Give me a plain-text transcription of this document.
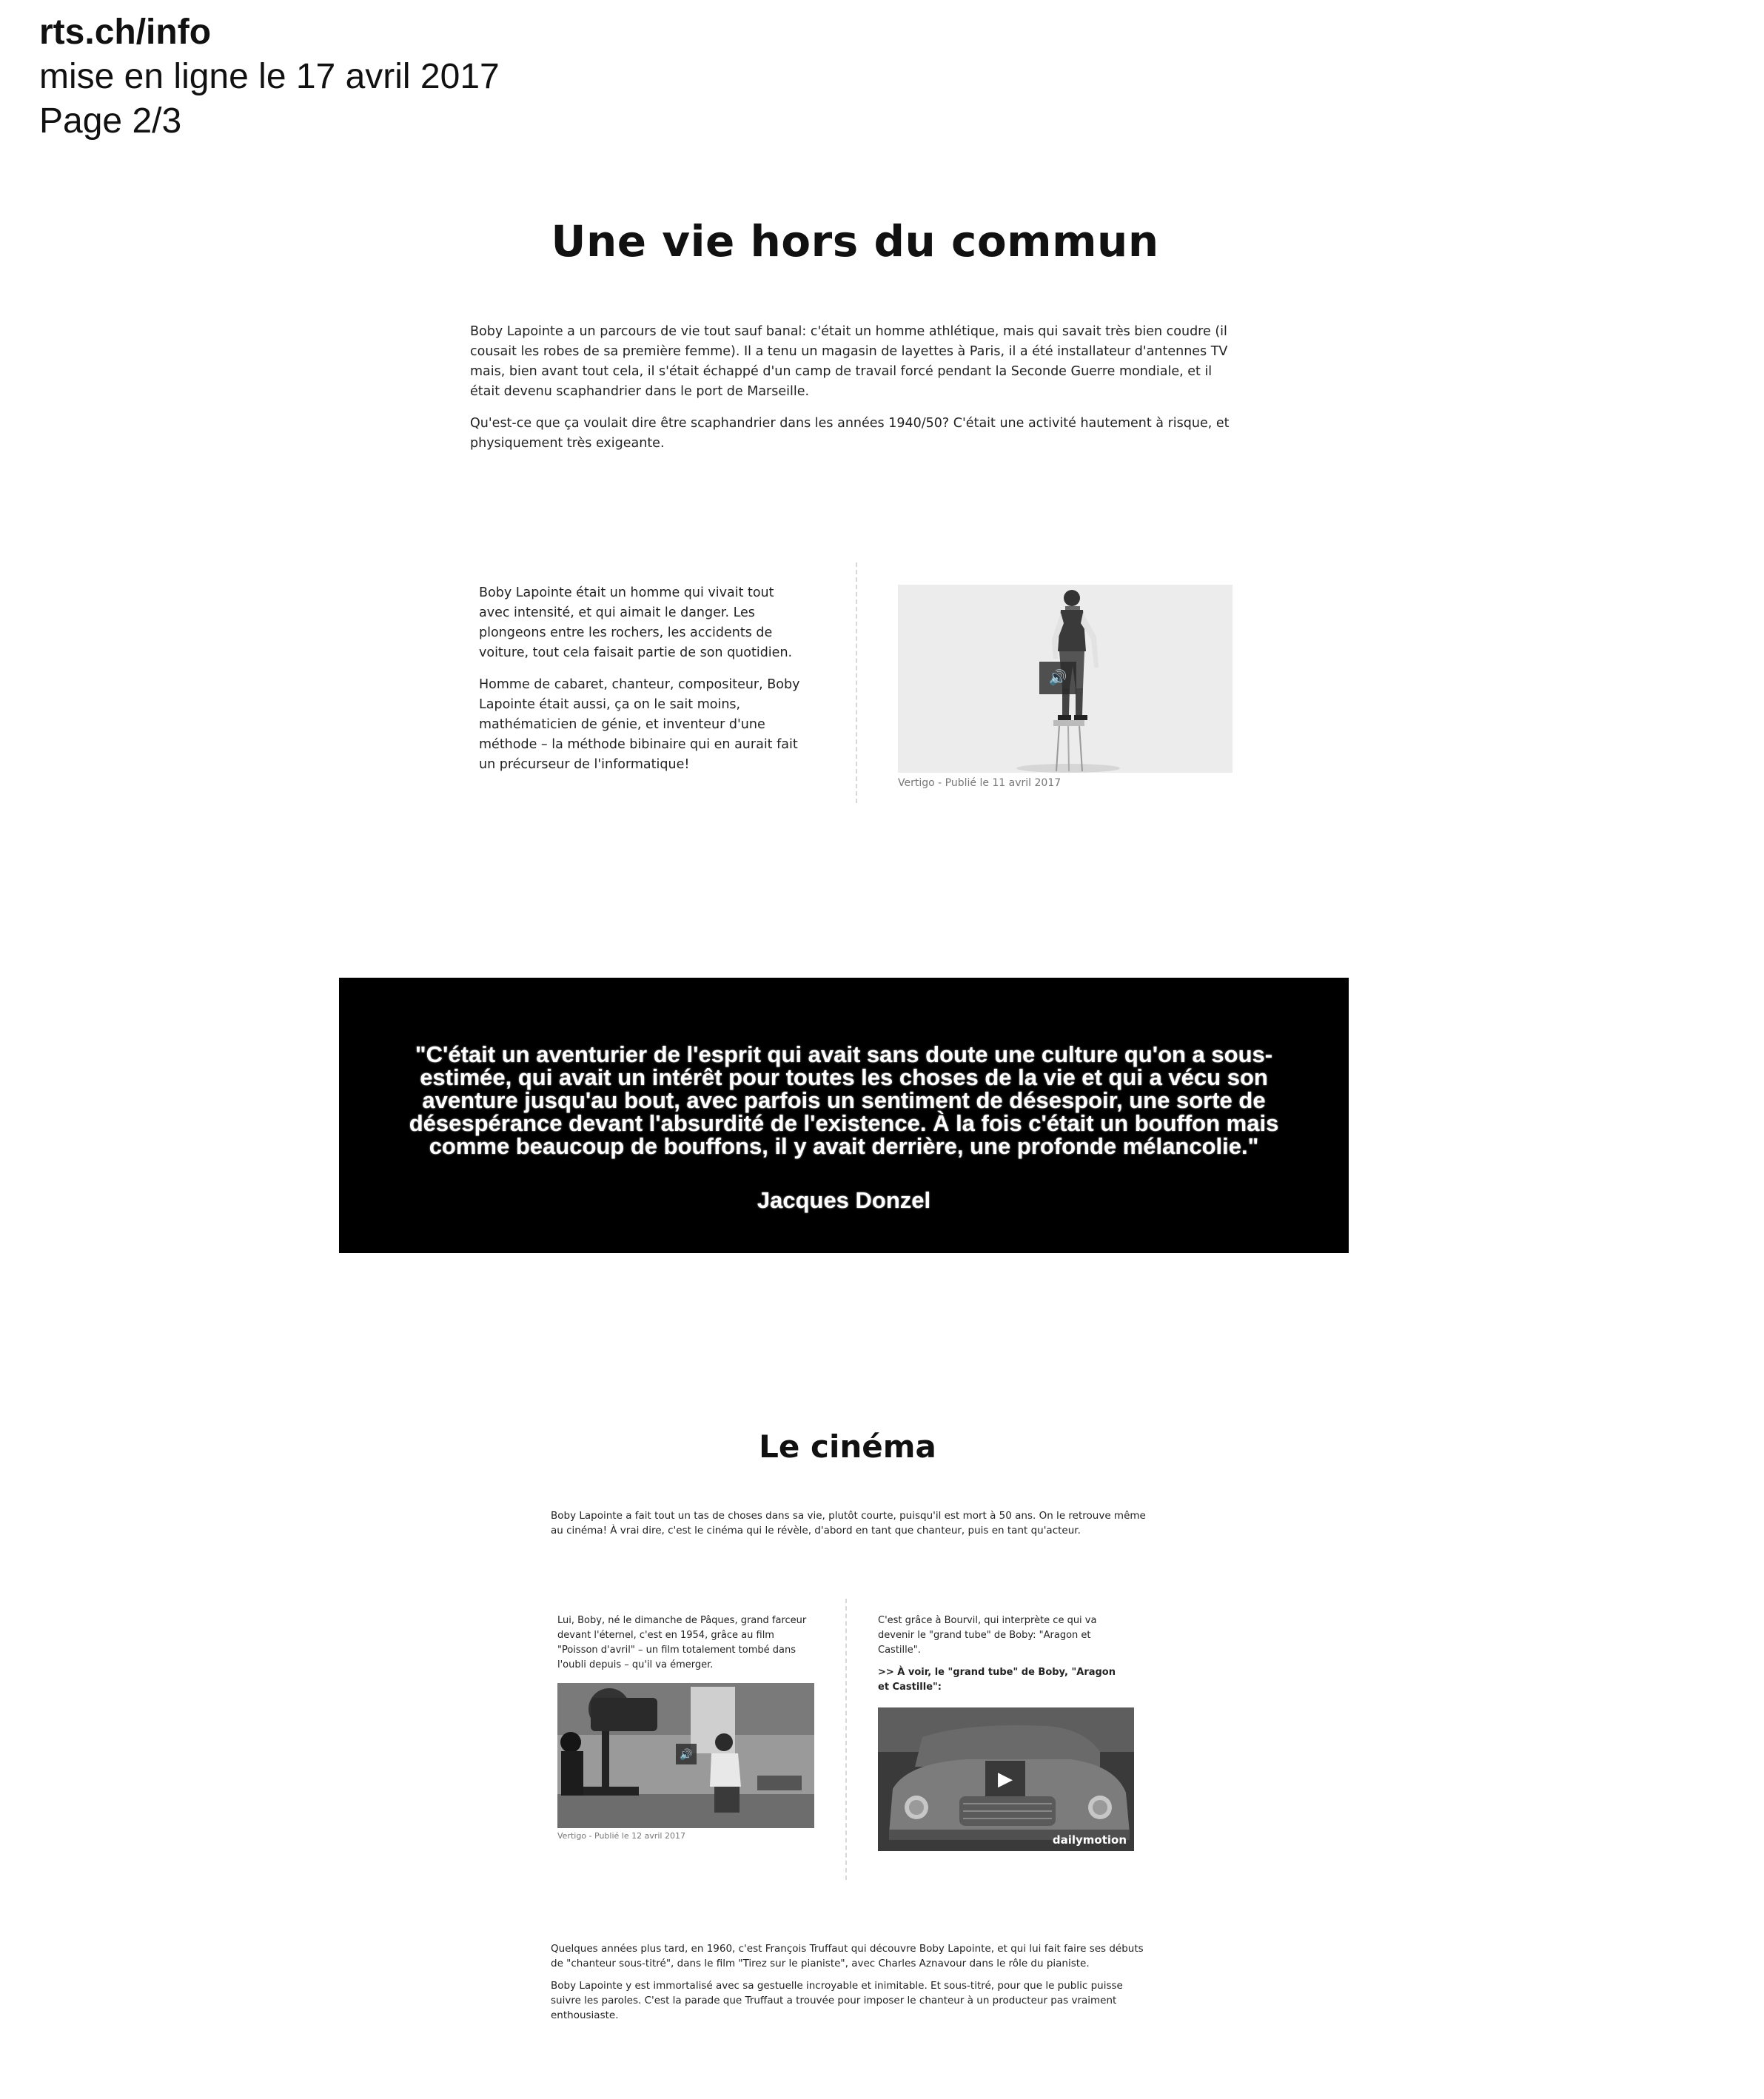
rts.ch/info
mise en ligne le 17 avril 2017
Page 2/3
Une vie hors du commun

Boby Lapointe a un parcours de vie tout sauf banal: c'était un homme athlétique, mais qui savait très bien coudre (il cousait les robes de sa première femme). Il a tenu un magasin de layettes à Paris, il a été installateur d'antennes TV mais, bien avant tout cela, il s'était échappé d'un camp de travail forcé pendant la Seconde Guerre mondiale, et il était devenu scaphandrier dans le port de Marseille.

Qu'est-ce que ça voulait dire être scaphandrier dans les années 1940/50? C'était une activité hautement à risque, et physiquement très exigeante.

Boby Lapointe était un homme qui vivait tout avec intensité, et qui aimait le danger. Les plongeons entre les rochers, les accidents de voiture, tout cela faisait partie de son quotidien.

Homme de cabaret, chanteur, compositeur, Boby Lapointe était aussi, ça on le sait moins, mathématicien de génie, et inventeur d'une méthode – la méthode bibinaire qui en aurait fait un précurseur de l'informatique!

🔊
Vertigo - Publié le 11 avril 2017
"C'était un aventurier de l'esprit qui avait sans doute une culture qu'on a sous-estimée, qui avait un intérêt pour toutes les choses de la vie et qui a vécu son aventure jusqu'au bout, avec parfois un sentiment de désespoir, une sorte de désespérance devant l'absurdité de l'existence. À la fois c'était un bouffon mais comme beaucoup de bouffons, il y avait derrière, une profonde mélancolie."
Jacques Donzel
Le cinéma
Boby Lapointe a fait tout un tas de choses dans sa vie, plutôt courte, puisqu'il est mort à 50 ans. On le retrouve même au cinéma! À vrai dire, c'est le cinéma qui le révèle, d'abord en tant que chanteur, puis en tant qu'acteur.

Lui, Boby, né le dimanche de Pâques, grand farceur devant l'éternel, c'est en 1954, grâce au film "Poisson d'avril" – un film totalement tombé dans l'oubli depuis – qu'il va émerger.

🔊
Vertigo - Publié le 12 avril 2017

C'est grâce à Bourvil, qui interprète ce qui va devenir le "grand tube" de Boby: "Aragon et Castille".

>> À voir, le "grand tube" de Boby, "Aragon et Castille":

▶
dailymotion

Quelques années plus tard, en 1960, c'est François Truffaut qui découvre Boby Lapointe, et qui lui fait faire ses débuts de "chanteur sous-titré", dans le film "Tirez sur le pianiste", avec Charles Aznavour dans le rôle du pianiste.

Boby Lapointe y est immortalisé avec sa gestuelle incroyable et inimitable. Et sous-titré, pour que le public puisse suivre les paroles. C'est la parade que Truffaut a trouvée pour imposer le chanteur à un producteur pas vraiment enthousiaste.
